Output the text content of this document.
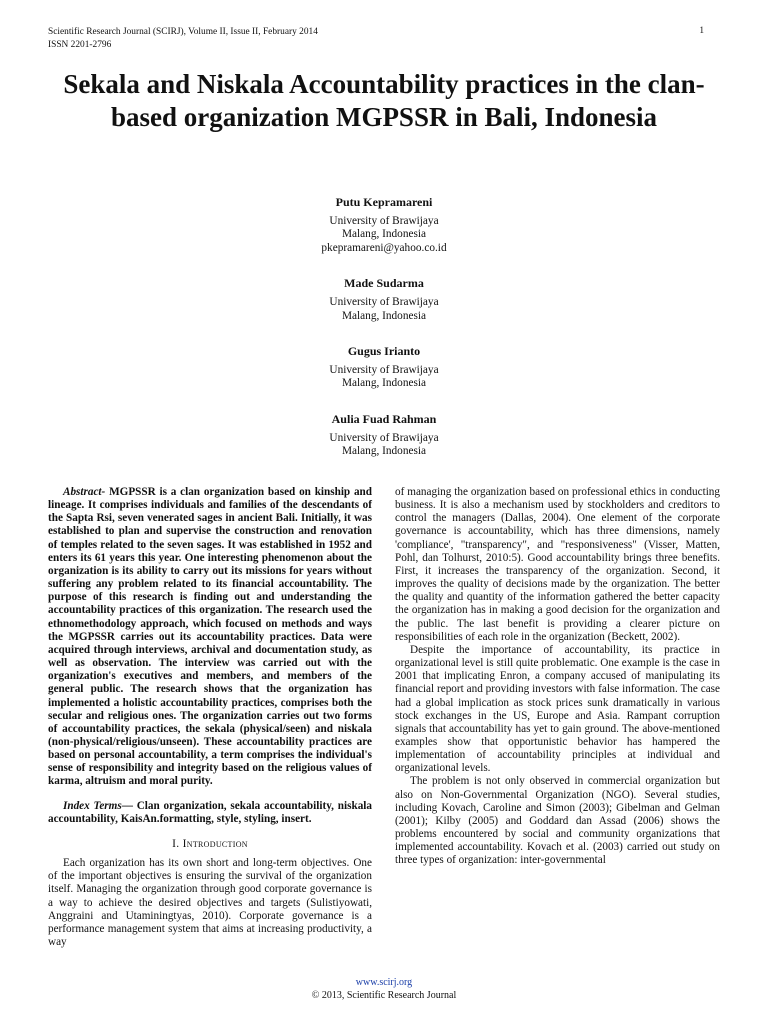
Scientific Research Journal (SCIRJ), Volume II, Issue II, February 2014
ISSN 2201-2796
1
Sekala and Niskala Accountability practices in the clan-based organization MGPSSR in Bali, Indonesia
Putu Kepramareni
University of Brawijaya
Malang, Indonesia
pkepramareni@yahoo.co.id
Made Sudarma
University of Brawijaya
Malang, Indonesia
Gugus Irianto
University of Brawijaya
Malang, Indonesia
Aulia Fuad Rahman
University of Brawijaya
Malang, Indonesia

Abstract- MGPSSR is a clan organization based on kinship and lineage. It comprises individuals and families of the descendants of the Sapta Rsi, seven venerated sages in ancient Bali. Initially, it was established to plan and supervise the construction and renovation of temples related to the seven sages. It was established in 1952 and enters its 61 years this year. One interesting phenomenon about the organization is its ability to carry out its missions for years without suffering any problem related to its financial accountability. The purpose of this research is finding out and understanding the accountability practices of this organization. The research used the ethnomethodology approach, which focused on methods and ways the MGPSSR carries out its accountability practices. Data were acquired through interviews, archival and documentation study, as well as observation. The interview was carried out with the organization's executives and members, and members of the general public. The research shows that the organization has implemented a holistic accountability practices, comprises both the secular and religious ones. The organization carries out two forms of accountability practices, the sekala (physical/seen) and niskala (non-physical/religious/unseen). These accountability practices are based on personal accountability, a term comprises the individual's sense of responsibility and integrity based on the religious values of karma, altruism and moral purity.

Index Terms— Clan organization, sekala accountability, niskala accountability, KaisAn.formatting, style, styling, insert.

I. Introduction

Each organization has its own short and long-term objectives. One of the important objectives is ensuring the survival of the organization itself. Managing the organization through good corporate governance is a way to achieve the desired objectives and targets (Sulistiyowati, Anggraini and Utaminingtyas, 2010). Corporate governance is a performance management system that aims at increasing productivity, a way

of managing the organization based on professional ethics in conducting business. It is also a mechanism used by stockholders and creditors to control the managers (Dallas, 2004). One element of the corporate governance is accountability, which has three dimensions, namely 'compliance', "transparency", and "responsiveness" (Visser, Matten, Pohl, dan Tolhurst, 2010:5). Good accountability brings three benefits. First, it increases the transparency of the organization. Second, it improves the quality of decisions made by the organization. The better the quality and quantity of the information gathered the better capacity the organization has in making a good decision for the organization and the public. The last benefit is providing a clearer picture on responsibilities of each role in the organization (Beckett, 2002).

Despite the importance of accountability, its practice in organizational level is still quite problematic. One example is the case in 2001 that implicating Enron, a company accused of manipulating its financial report and providing investors with false information. The case had a global implication as stock prices sunk dramatically in various stock exchanges in the US, Europe and Asia. Rampant corruption signals that accountability has yet to gain ground. The above-mentioned examples show that opportunistic behavior has hampered the implementation of accountability principles at individual and organizational levels.

The problem is not only observed in commercial organization but also on Non-Governmental Organization (NGO). Several studies, including Kovach, Caroline and Simon (2003); Gibelman and Gelman (2001); Kilby (2005) and Goddard dan Assad (2006) shows the problems encountered by social and community organizations that implemented accountability. Kovach et al. (2003) carried out study on three types of organization: inter-governmental

www.scirj.org
© 2013, Scientific Research Journal
